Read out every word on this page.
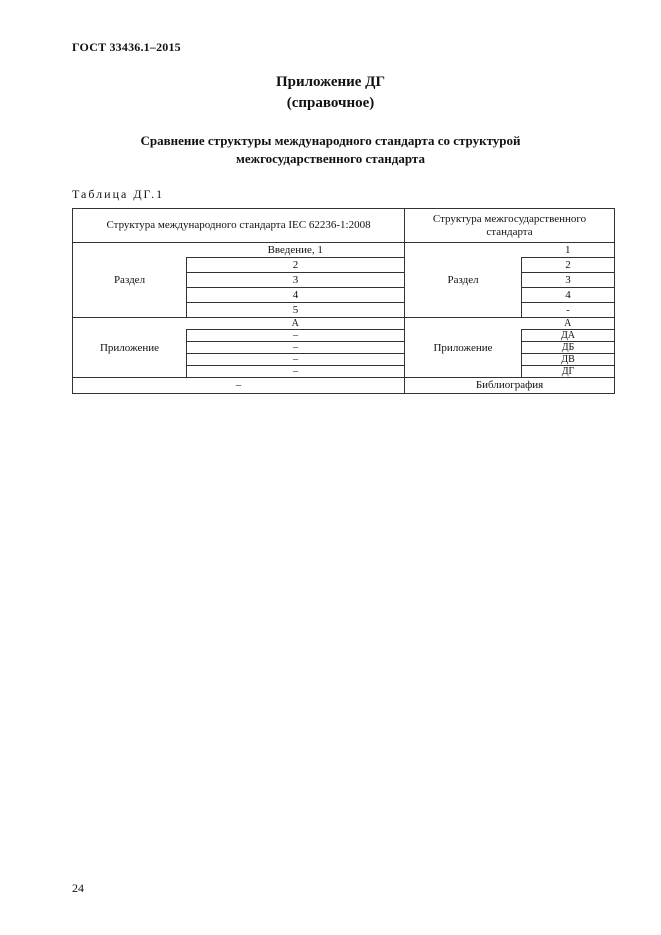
ГОСТ 33436.1–2015
Приложение ДГ
(справочное)
Сравнение структуры международного стандарта со структурой
межгосударственного стандарта
Таблица ДГ.1
Структура международного стандарта IEC 62236-1:2008		Структура межгосударственного стандарта	
Раздел	Введение, 1	Раздел	1
	2		2
	3		3
	4		4
	5		-
Приложение	А	Приложение	А
	–		ДА
	–		ДБ
	–		ДВ
	–		ДГ
–		Библиография	
24
